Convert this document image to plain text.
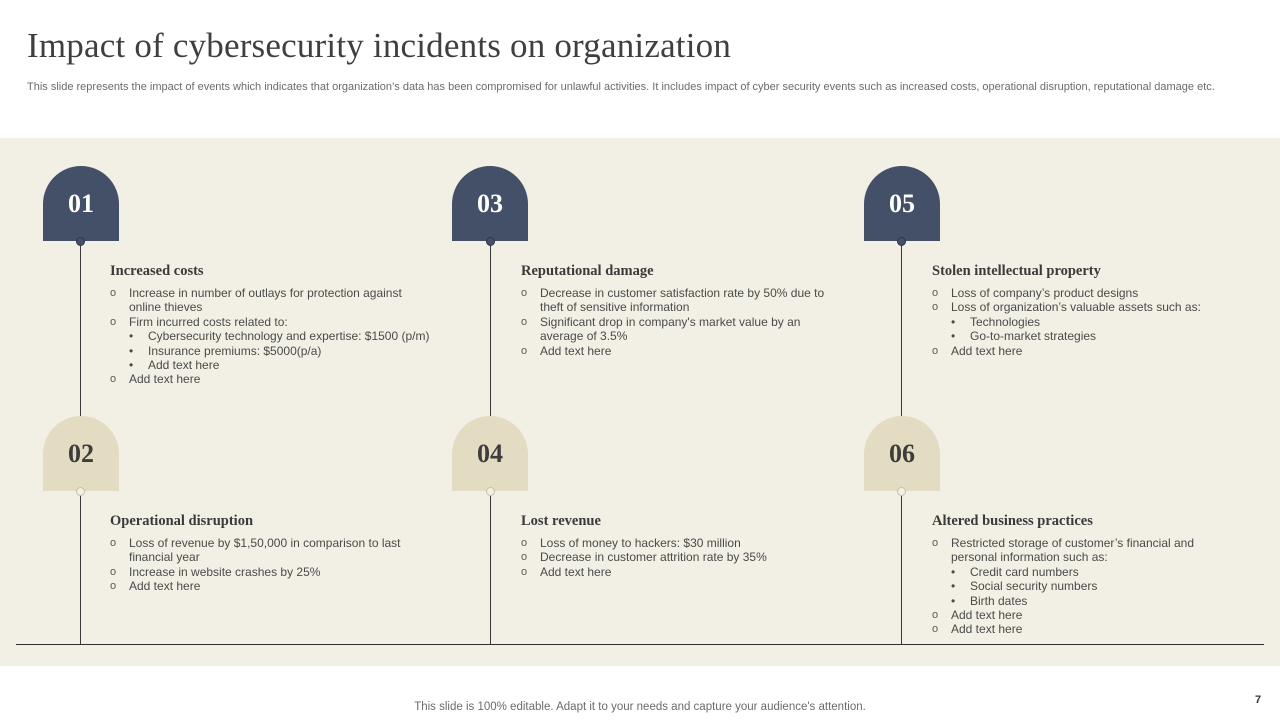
Impact of cybersecurity incidents on organization
This slide represents the impact of events which indicates that organization’s data has been compromised for unlawful activities. It includes impact of cyber security events such as increased costs, operational disruption, reputational damage etc.
01
02
03
04
05
06
Increased costs
o Increase in number of outlays for protection against online thieves
o Firm incurred costs related to:
• Cybersecurity technology and expertise: $1500 (p/m)
• Insurance premiums: $5000(p/a)
• Add text here
o Add text here
Operational disruption
o Loss of revenue by $1,50,000 in comparison to last financial year
o Increase in website crashes by 25%
o Add text here
Reputational damage
o Decrease in customer satisfaction rate by 50% due to theft of sensitive information
o Significant drop in company's market value by an average of 3.5%
o Add text here
Lost revenue
o Loss of money to hackers: $30 million
o Decrease in customer attrition rate by 35%
o Add text here
Stolen intellectual property
o Loss of company’s product designs
o Loss of organization’s valuable assets such as:
• Technologies
• Go-to-market strategies
o Add text here
Altered business practices
o Restricted storage of customer’s financial and personal information such as:
• Credit card numbers
• Social security numbers
• Birth dates
o Add text here
o Add text here
This slide is 100% editable. Adapt it to your needs and capture your audience's attention.
7
